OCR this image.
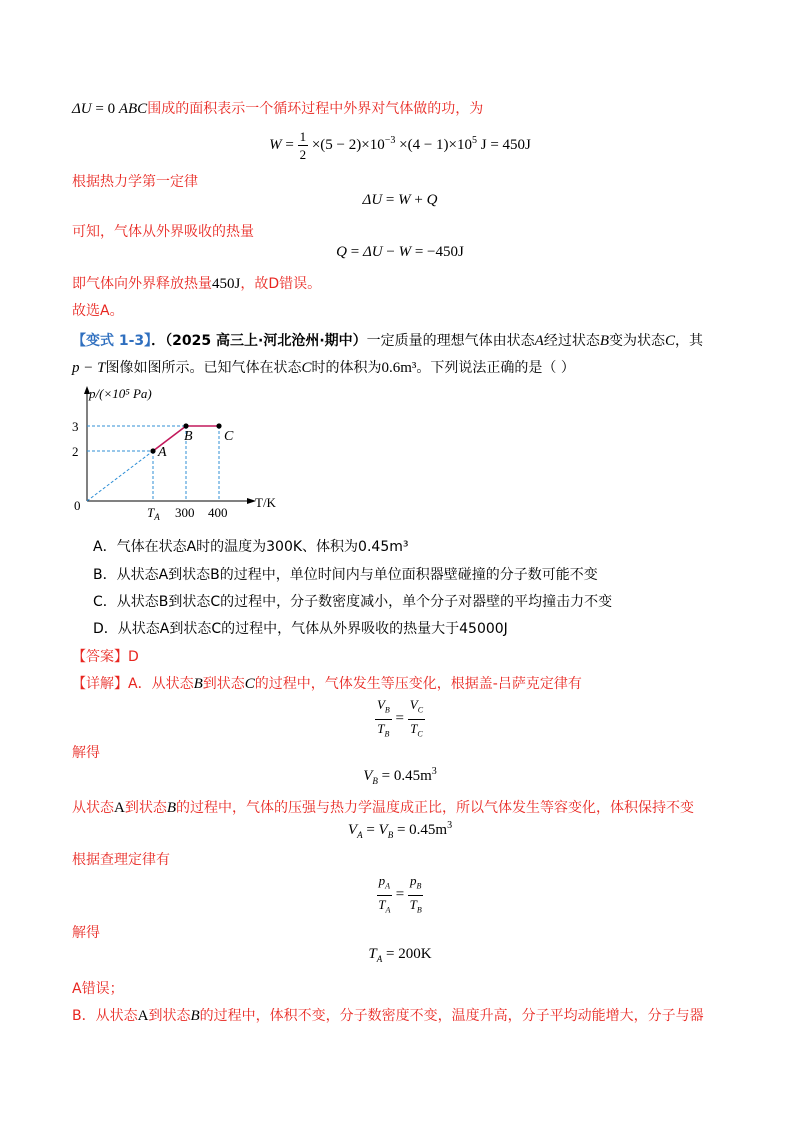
ΔU = 0 ABC围成的面积表示一个循环过程中外界对气体做的功，为
$W = \frac{1}{2} \times(5 - 2)\times 10^{-3} \times(4 - 1)\times 10^5$ J = 450J
根据热力学第一定律
ΔU = W + Q
可知，气体从外界吸收的热量
Q = ΔU − W = −450J
即气体向外界释放热量450J，故D错误。
故选A。
【变式 1-3】．（2025 高三上·河北沧州·期中）一定质量的理想气体由状态A经过状态B变为状态C，其
p − T图像如图所示。已知气体在状态C时的体积为0.6m³。下列说法正确的是（ ）
p/(×10⁵ Pa)
T/K
0
A
B C
2
3
$T_A$ 300 400
A．气体在状态A时的温度为300K、体积为0.45m³
B．从状态A到状态B的过程中，单位时间内与单位面积器壁碰撞的分子数可能不变
C．从状态B到状态C的过程中，分子数密度减小，单个分子对器壁的平均撞击力不变
D．从状态A到状态C的过程中，气体从外界吸收的热量大于45000J
【答案】D
【详解】A．从状态B到状态C的过程中，气体发生等压变化，根据盖-吕萨克定律有
$\frac{V_B}{T_B} = \frac{V_C}{T_C}$
解得
$V_B = 0.45m^3$
从状态A到状态B的过程中，气体的压强与热力学温度成正比，所以气体发生等容变化，体积保持不变
$V_A = V_B = 0.45m^3$
根据查理定律有
$\frac{p_A}{T_A} = \frac{p_B}{T_B}$
解得
$T_A = 200K$
A错误；
B．从状态A到状态B的过程中，体积不变，分子数密度不变，温度升高，分子平均动能增大，分子与器
